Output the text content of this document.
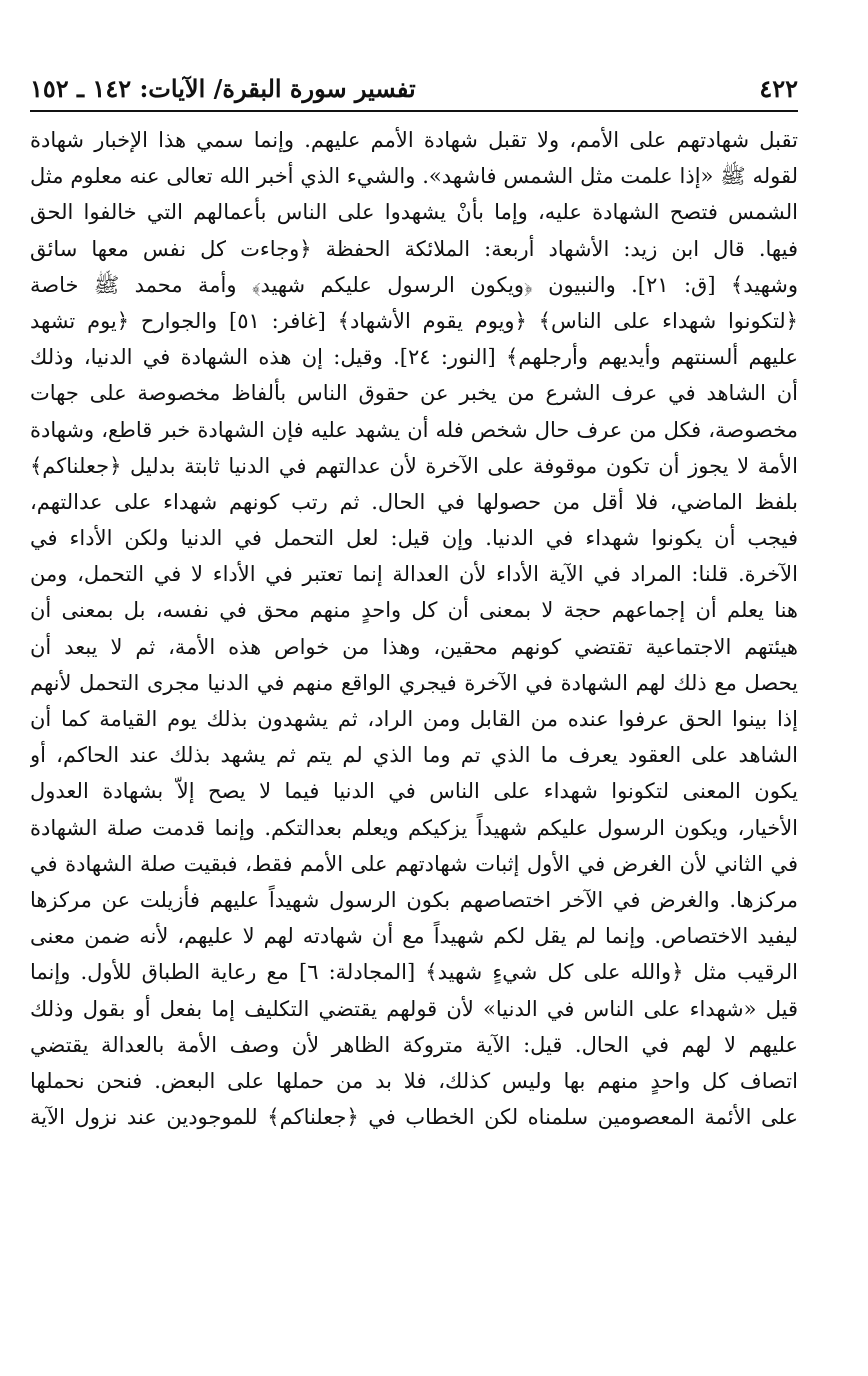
٤٢٢
تفسير سورة البقرة/ الآيات: ١٤٢ ـ ١٥٢
تقبل شهادتهم على الأمم، ولا تقبل شهادة الأمم عليهم. وإنما سمي هذا الإخبار شهادة
لقوله ﷺ «إذا علمت مثل الشمس فاشهد». والشيء الذي أخبر الله تعالى عنه معلوم مثل
الشمس فتصح الشهادة عليه، وإما بأنْ يشهدوا على الناس بأعمالهم التي خالفوا الحق
فيها. قال ابن زيد: الأشهاد أربعة: الملائكة الحفظة ﴿وجاءت كل نفس معها سائق
وشهيد﴾ [ق: ٢١]. والنبيون ﴿ويكون الرسول عليكم شهيد﴾ وأمة محمد ﷺ خاصة
﴿لتكونوا شهداء على الناس﴾ ﴿ويوم يقوم الأشهاد﴾ [غافر: ٥١] والجوارح ﴿يوم تشهد
عليهم ألسنتهم وأيديهم وأرجلهم﴾ [النور: ٢٤]. وقيل: إن هذه الشهادة في الدنيا، وذلك
أن الشاهد في عرف الشرع من يخبر عن حقوق الناس بألفاظ مخصوصة على جهات
مخصوصة، فكل من عرف حال شخص فله أن يشهد عليه فإن الشهادة خبر قاطع، وشهادة
الأمة لا يجوز أن تكون موقوفة على الآخرة لأن عدالتهم في الدنيا ثابتة بدليل ﴿جعلناكم﴾
بلفظ الماضي، فلا أقل من حصولها في الحال. ثم رتب كونهم شهداء على عدالتهم،
فيجب أن يكونوا شهداء في الدنيا. وإن قيل: لعل التحمل في الدنيا ولكن الأداء في
الآخرة. قلنا: المراد في الآية الأداء لأن العدالة إنما تعتبر في الأداء لا في التحمل، ومن
هنا يعلم أن إجماعهم حجة لا بمعنى أن كل واحدٍ منهم محق في نفسه، بل بمعنى أن
هيئتهم الاجتماعية تقتضي كونهم محقين، وهذا من خواص هذه الأمة، ثم لا يبعد أن
يحصل مع ذلك لهم الشهادة في الآخرة فيجري الواقع منهم في الدنيا مجرى التحمل لأنهم
إذا بينوا الحق عرفوا عنده من القابل ومن الراد، ثم يشهدون بذلك يوم القيامة كما أن
الشاهد على العقود يعرف ما الذي تم وما الذي لم يتم ثم يشهد بذلك عند الحاكم، أو
يكون المعنى لتكونوا شهداء على الناس في الدنيا فيما لا يصح إلاّ بشهادة العدول
الأخيار، ويكون الرسول عليكم شهيداً يزكيكم ويعلم بعدالتكم. وإنما قدمت صلة الشهادة
في الثاني لأن الغرض في الأول إثبات شهادتهم على الأمم فقط، فبقيت صلة الشهادة في
مركزها. والغرض في الآخر اختصاصهم بكون الرسول شهيداً عليهم فأزيلت عن مركزها
ليفيد الاختصاص. وإنما لم يقل لكم شهيداً مع أن شهادته لهم لا عليهم، لأنه ضمن معنى
الرقيب مثل ﴿والله على كل شيءٍ شهيد﴾ [المجادلة: ٦] مع رعاية الطباق للأول. وإنما
قيل «شهداء على الناس في الدنيا» لأن قولهم يقتضي التكليف إما بفعل أو بقول وذلك
عليهم لا لهم في الحال. قيل: الآية متروكة الظاهر لأن وصف الأمة بالعدالة يقتضي
اتصاف كل واحدٍ منهم بها وليس كذلك، فلا بد من حملها على البعض. فنحن نحملها
على الأئمة المعصومين سلمناه لكن الخطاب في ﴿جعلناكم﴾ للموجودين عند نزول الآية
